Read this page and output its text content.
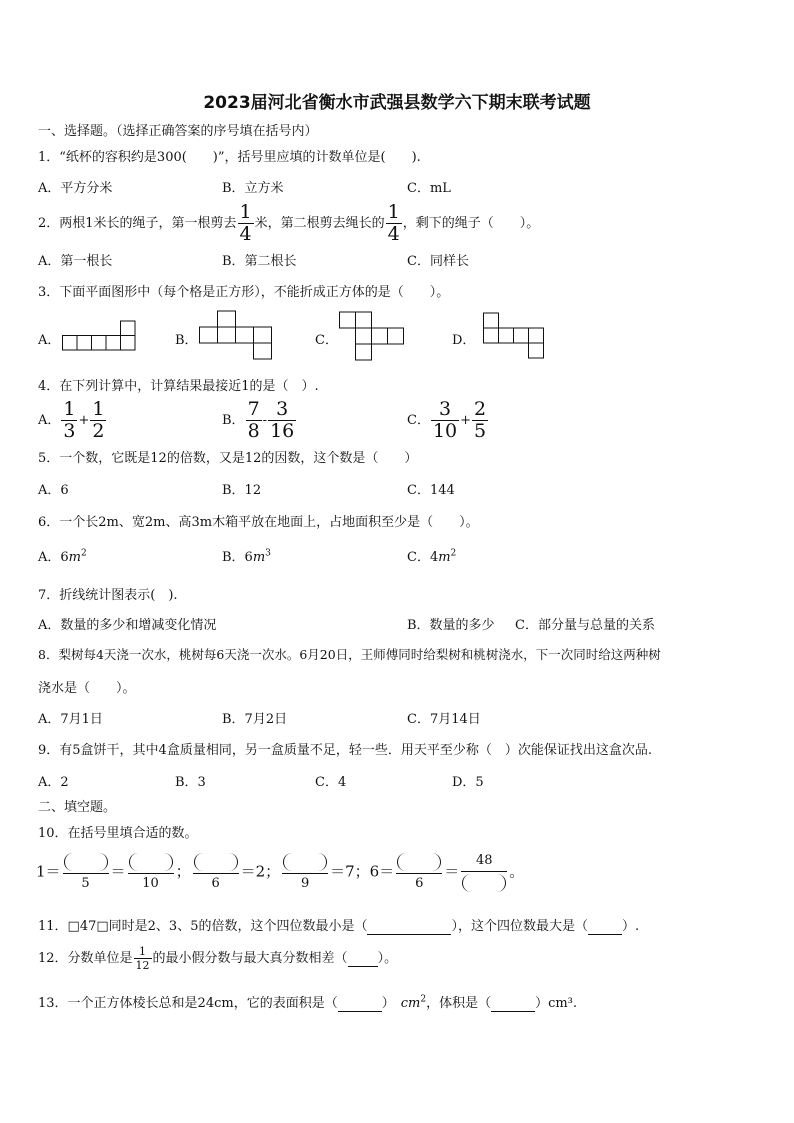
2023届河北省衡水市武强县数学六下期末联考试题
一、选择题。（选择正确答案的序号填在括号内）
1．“纸杯的容积约是300(　　)”，括号里应填的计数单位是(　　).
A．平方分米	B．立方米	C．mL
2．两根1米长的绳子，第一根剪去 $\frac{1}{4}$ 米，第二根剪去绳长的 $\frac{1}{4}$ ，剩下的绳子（　　）。
A．第一根长	B．第二根长	C．同样长
3．下面平面图形中（每个格是正方形），不能折成正方体的是（　　）。
A．	B．	C．	D．
4．在下列计算中，计算结果最接近1的是（　）.
A． $\frac{1}{3} + \frac{1}{2}$	B． $\frac{7}{8} - \frac{3}{16}$	C． $\frac{3}{10} + \frac{2}{5}$
5．一个数，它既是12的倍数，又是12的因数，这个数是（　　）
A．6	B．12	C．144
6．一个长2m、宽2m、高3m木箱平放在地面上，占地面积至少是（　　）。
A．$6m^2$	B．$6m^3$	C．$4m^2$
7．折线统计图表示(　).
A．数量的多少和增减变化情况	B．数量的多少 C．部分量与总量的关系
8．梨树每4天浇一次水，桃树每6天浇一次水。6月20日，王师傅同时给梨树和桃树浇水，下一次同时给这两种树
浇水是（　　）。
A．7月1日	B．7月2日	C．7月14日
9．有5盒饼干，其中4盒质量相同，另一盒质量不足，轻一些．用天平至少称（　）次能保证找出这盒次品.
A．2	B．3	C．4	D．5
二、填空题。
10．在括号里填合适的数。
1＝
5
＝
10
；
6
＝2；
9
＝7；6＝
6
＝
48
。
11．□47□同时是2、3、5的倍数，这个四位数最小是（	），这个四位数最大是（	）.
12．分数单位是 $\frac{1}{12}$ 的最小假分数与最大真分数相差（ ）。
13．一个正方体棱长总和是24cm，它的表面积是（	） $cm^2$，体积是（	）cm³.
